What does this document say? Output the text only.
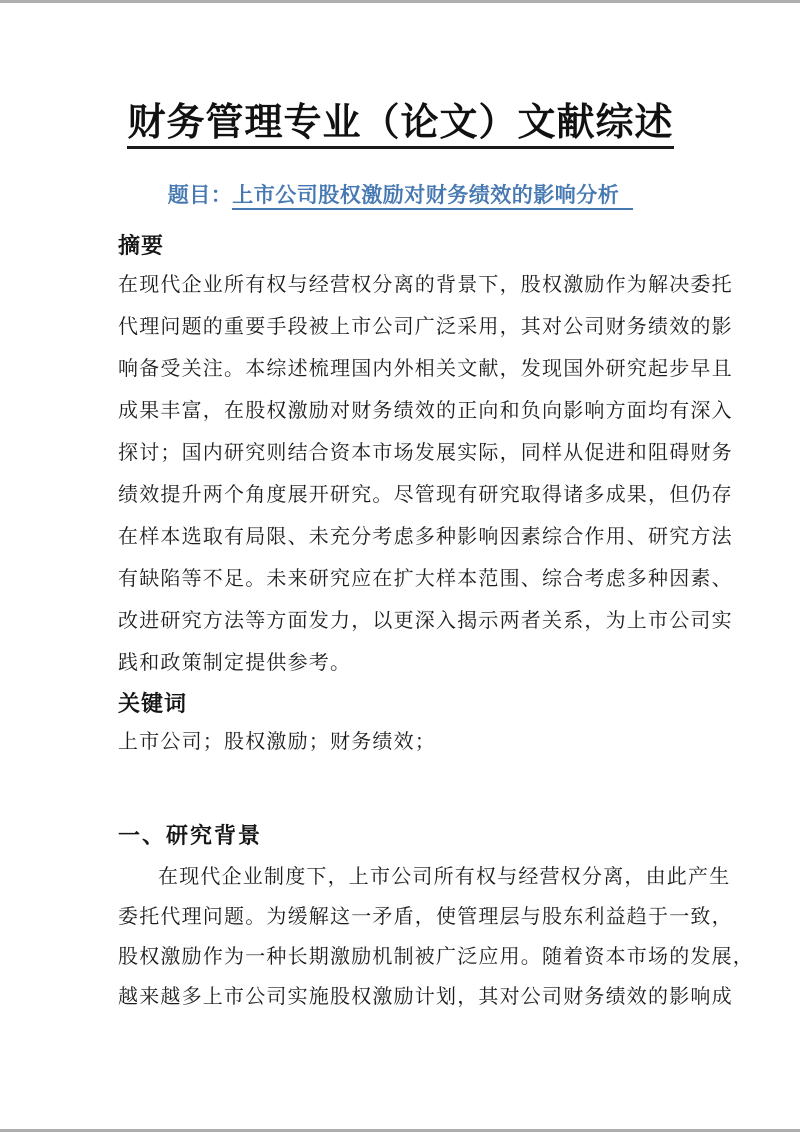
财务管理专业（论文）文献综述
题目：上市公司股权激励对财务绩效的影响分析
摘要
在现代企业所有权与经营权分离的背景下，股权激励作为解决委托
代理问题的重要手段被上市公司广泛采用，其对公司财务绩效的影
响备受关注。本综述梳理国内外相关文献，发现国外研究起步早且
成果丰富，在股权激励对财务绩效的正向和负向影响方面均有深入
探讨；国内研究则结合资本市场发展实际，同样从促进和阻碍财务
绩效提升两个角度展开研究。尽管现有研究取得诸多成果，但仍存
在样本选取有局限、未充分考虑多种影响因素综合作用、研究方法
有缺陷等不足。未来研究应在扩大样本范围、综合考虑多种因素、
改进研究方法等方面发力，以更深入揭示两者关系，为上市公司实
践和政策制定提供参考。
关键词
上市公司；股权激励；财务绩效；
一、研究背景
在现代企业制度下，上市公司所有权与经营权分离，由此产生
委托代理问题。为缓解这一矛盾，使管理层与股东利益趋于一致，
股权激励作为一种长期激励机制被广泛应用。随着资本市场的发展，
越来越多上市公司实施股权激励计划，其对公司财务绩效的影响成
